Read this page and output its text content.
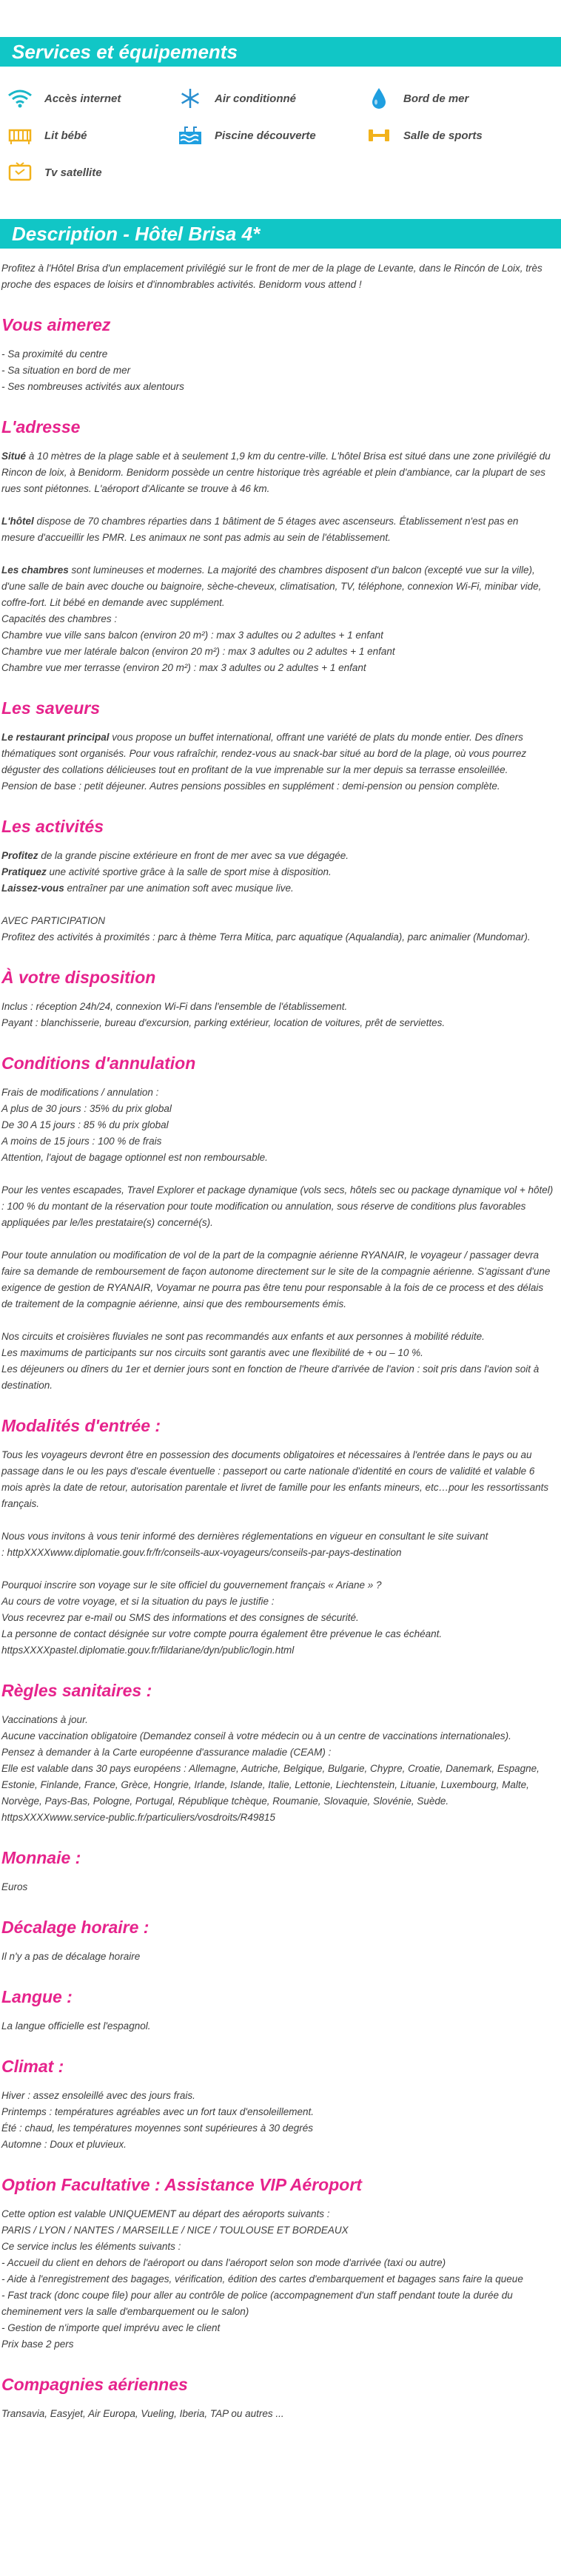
Services et équipements
Accès internet	Air conditionné	Bord de mer
Lit bébé	Piscine découverte	Salle de sports
Tv satellite
Description - Hôtel Brisa 4*

Profitez à l'Hôtel Brisa d'un emplacement privilégié sur le front de mer de la plage de Levante, dans le Rincón de Loix, très proche des espaces de loisirs et d'innombrables activités. Benidorm vous attend !

Vous aimerez
- Sa proximité du centre
- Sa situation en bord de mer
- Ses nombreuses activités aux alentours
L'adresse

Situé à 10 mètres de la plage sable et à seulement 1,9 km du centre-ville. L'hôtel Brisa est situé dans une zone privilégié du Rincon de loix, à Benidorm. Benidorm possède un centre historique très agréable et plein d'ambiance, car la plupart de ses rues sont piétonnes. L'aéroport d'Alicante se trouve à 46 km.

L'hôtel dispose de 70 chambres réparties dans 1 bâtiment de 5 étages avec ascenseurs. Établissement n'est pas en mesure d'accueillir les PMR. Les animaux ne sont pas admis au sein de l'établissement.

Les chambres sont lumineuses et modernes. La majorité des chambres disposent d'un balcon (excepté vue sur la ville), d'une salle de bain avec douche ou baignoire, sèche-cheveux, climatisation, TV, téléphone, connexion Wi-Fi, minibar vide, coffre-fort. Lit bébé en demande avec supplément.

Capacités des chambres :

Chambre vue ville sans balcon (environ 20 m²) : max 3 adultes ou 2 adultes + 1 enfant

Chambre vue mer latérale balcon (environ 20 m²) : max 3 adultes ou 2 adultes + 1 enfant

Chambre vue mer terrasse (environ 20 m²) : max 3 adultes ou 2 adultes + 1 enfant

Les saveurs

Le restaurant principal vous propose un buffet international, offrant une variété de plats du monde entier. Des dîners thématiques sont organisés. Pour vous rafraîchir, rendez-vous au snack-bar situé au bord de la plage, où vous pourrez déguster des collations délicieuses tout en profitant de la vue imprenable sur la mer depuis sa terrasse ensoleillée.

Pension de base : petit déjeuner. Autres pensions possibles en supplément : demi-pension ou pension complète.

Les activités

Profitez de la grande piscine extérieure en front de mer avec sa vue dégagée.

Pratiquez une activité sportive grâce à la salle de sport mise à disposition.

Laissez-vous entraîner par une animation soft avec musique live.

AVEC PARTICIPATION

Profitez des activités à proximités : parc à thème Terra Mitica, parc aquatique (Aqualandia), parc animalier (Mundomar).

À votre disposition

Inclus : réception 24h/24, connexion Wi-Fi dans l'ensemble de l'établissement.

Payant : blanchisserie, bureau d'excursion, parking extérieur, location de voitures, prêt de serviettes.

Conditions d'annulation

Frais de modifications / annulation :

A plus de 30 jours : 35% du prix global

De 30 A 15 jours : 85 % du prix global

A moins de 15 jours : 100 % de frais

Attention, l'ajout de bagage optionnel est non remboursable.

Pour les ventes escapades, Travel Explorer et package dynamique (vols secs, hôtels sec ou package dynamique vol + hôtel) : 100 % du montant de la réservation pour toute modification ou annulation, sous réserve de conditions plus favorables appliquées par le/les prestataire(s) concerné(s).

Pour toute annulation ou modification de vol de la part de la compagnie aérienne RYANAIR, le voyageur / passager devra faire sa demande de remboursement de façon autonome directement sur le site de la compagnie aérienne. S'agissant d'une exigence de gestion de RYANAIR, Voyamar ne pourra pas être tenu pour responsable à la fois de ce process et des délais de traitement de la compagnie aérienne, ainsi que des remboursements émis.

Nos circuits et croisières fluviales ne sont pas recommandés aux enfants et aux personnes à mobilité réduite.

Les maximums de participants sur nos circuits sont garantis avec une flexibilité de + ou – 10 %.

Les déjeuners ou dîners du 1er et dernier jours sont en fonction de l'heure d'arrivée de l'avion : soit pris dans l'avion soit à destination.

Modalités d'entrée :

Tous les voyageurs devront être en possession des documents obligatoires et nécessaires à l'entrée dans le pays ou au passage dans le ou les pays d'escale éventuelle : passeport ou carte nationale d'identité en cours de validité et valable 6 mois après la date de retour, autorisation parentale et livret de famille pour les enfants mineurs, etc…pour les ressortissants français.

Nous vous invitons à vous tenir informé des dernières réglementations en vigueur en consultant le site suivant

: httpXXXXwww.diplomatie.gouv.fr/fr/conseils-aux-voyageurs/conseils-par-pays-destination

Pourquoi inscrire son voyage sur le site officiel du gouvernement français « Ariane » ?

Au cours de votre voyage, et si la situation du pays le justifie :

Vous recevrez par e-mail ou SMS des informations et des consignes de sécurité.

La personne de contact désignée sur votre compte pourra également être prévenue le cas échéant.

httpsXXXXpastel.diplomatie.gouv.fr/fildariane/dyn/public/login.html

Règles sanitaires :

Vaccinations à jour.

Aucune vaccination obligatoire (Demandez conseil à votre médecin ou à un centre de vaccinations internationales).

Pensez à demander à la Carte européenne d'assurance maladie (CEAM) :

Elle est valable dans 30 pays européens : Allemagne, Autriche, Belgique, Bulgarie, Chypre, Croatie, Danemark, Espagne, Estonie, Finlande, France, Grèce, Hongrie, Irlande, Islande, Italie, Lettonie, Liechtenstein, Lituanie, Luxembourg, Malte, Norvège, Pays-Bas, Pologne, Portugal, République tchèque, Roumanie, Slovaquie, Slovénie, Suède.

httpsXXXXwww.service-public.fr/particuliers/vosdroits/R49815

Monnaie :

Euros

Décalage horaire :

Il n'y a pas de décalage horaire

Langue :

La langue officielle est l'espagnol.

Climat :

Hiver : assez ensoleillé avec des jours frais.

Printemps : températures agréables avec un fort taux d'ensoleillement.

Été : chaud, les températures moyennes sont supérieures à 30 degrés

Automne : Doux et pluvieux.

Option Facultative : Assistance VIP Aéroport

Cette option est valable UNIQUEMENT au départ des aéroports suivants :

PARIS / LYON / NANTES / MARSEILLE / NICE / TOULOUSE ET BORDEAUX

Ce service inclus les éléments suivants :

- Accueil du client en dehors de l'aéroport ou dans l'aéroport selon son mode d'arrivée (taxi ou autre)

- Aide à l'enregistrement des bagages, vérification, édition des cartes d'embarquement et bagages sans faire la queue

- Fast track (donc coupe file) pour aller au contrôle de police (accompagnement d'un staff pendant toute la durée du cheminement vers la salle d'embarquement ou le salon)

- Gestion de n'importe quel imprévu avec le client

Prix base 2 pers

Compagnies aériennes

Transavia, Easyjet, Air Europa, Vueling, Iberia, TAP ou autres ...
